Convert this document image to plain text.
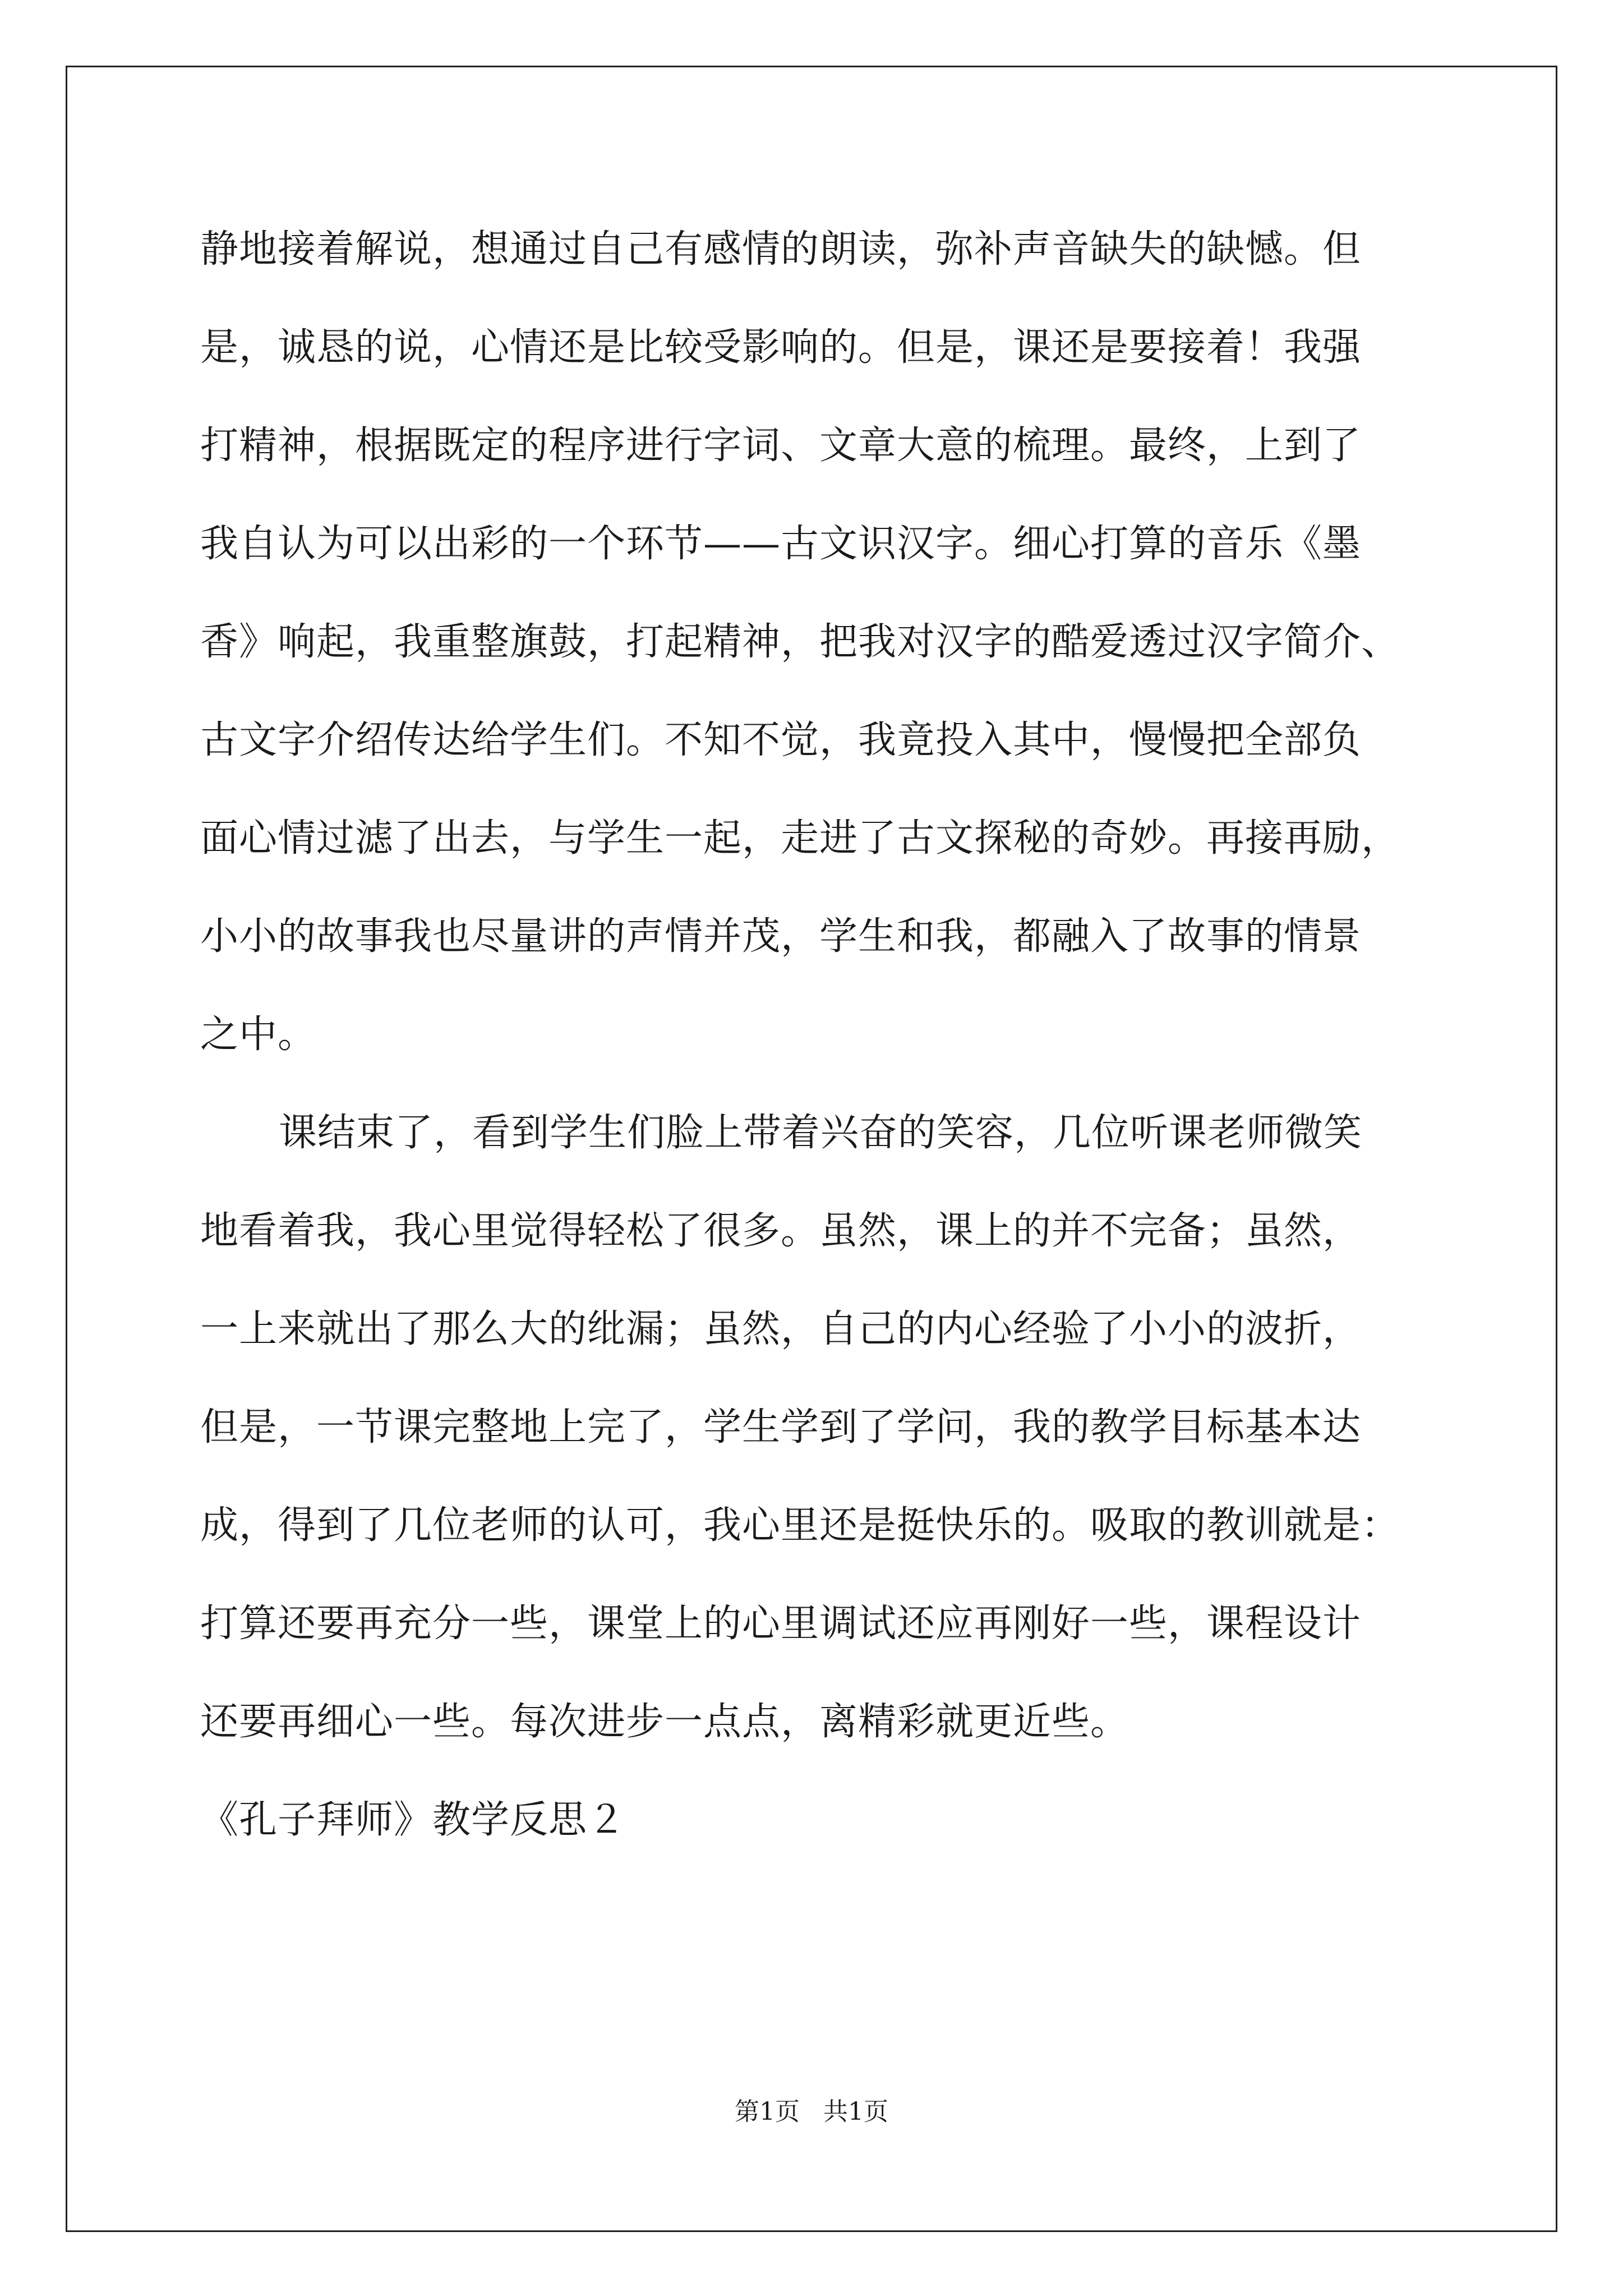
静地接着解说，想通过自己有感情的朗读，弥补声音缺失的缺憾。但
是，诚恳的说，心情还是比较受影响的。但是，课还是要接着！我强
打精神，根据既定的程序进行字词、文章大意的梳理。最终，上到了
我自认为可以出彩的一个环节——古文识汉字。细心打算的音乐《墨
香》响起，我重整旗鼓，打起精神，把我对汉字的酷爱透过汉字简介、
古文字介绍传达给学生们。不知不觉，我竟投入其中，慢慢把全部负
面心情过滤了出去，与学生一起，走进了古文探秘的奇妙。再接再励，
小小的故事我也尽量讲的声情并茂，学生和我，都融入了故事的情景
之中。
课结束了，看到学生们脸上带着兴奋的笑容，几位听课老师微笑
地看着我，我心里觉得轻松了很多。虽然，课上的并不完备；虽然，
一上来就出了那么大的纰漏；虽然，自己的内心经验了小小的波折，
但是，一节课完整地上完了，学生学到了学问，我的教学目标基本达
成，得到了几位老师的认可，我心里还是挺快乐的。吸取的教训就是：
打算还要再充分一些，课堂上的心里调试还应再刚好一些，课程设计
还要再细心一些。每次进步一点点，离精彩就更近些。
《孔子拜师》教学反思２
第1页   共1页
